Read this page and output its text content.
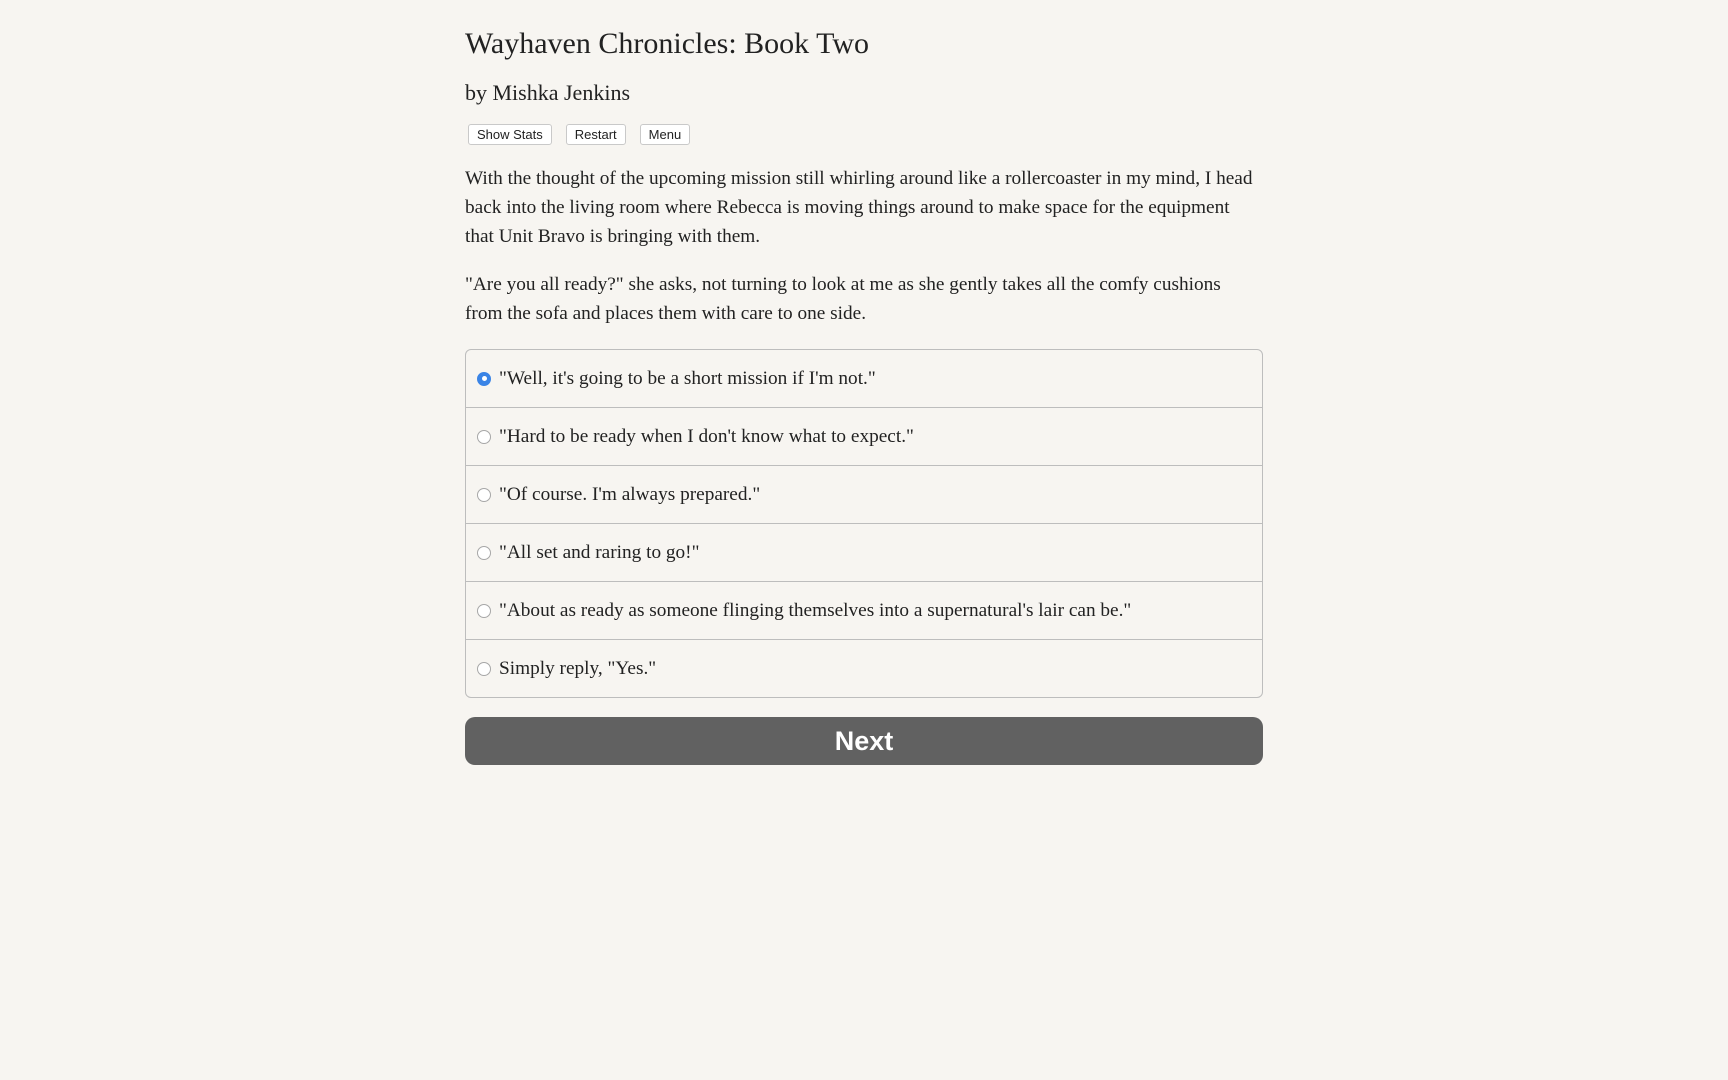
Wayhaven Chronicles: Book Two
by Mishka Jenkins
Show Stats	Restart	Menu

With the thought of the upcoming mission still whirling around like a rollercoaster in my mind, I head back into the living room where Rebecca is moving things around to make space for the equipment that Unit Bravo is bringing with them.

"Are you all ready?" she asks, not turning to look at me as she gently takes all the comfy cushions from the sofa and places them with care to one side.

"Well, it's going to be a short mission if I'm not."
"Hard to be ready when I don't know what to expect."
"Of course. I'm always prepared."
"All set and raring to go!"
"About as ready as someone flinging themselves into a supernatural's lair can be."
Simply reply, "Yes."
Next
